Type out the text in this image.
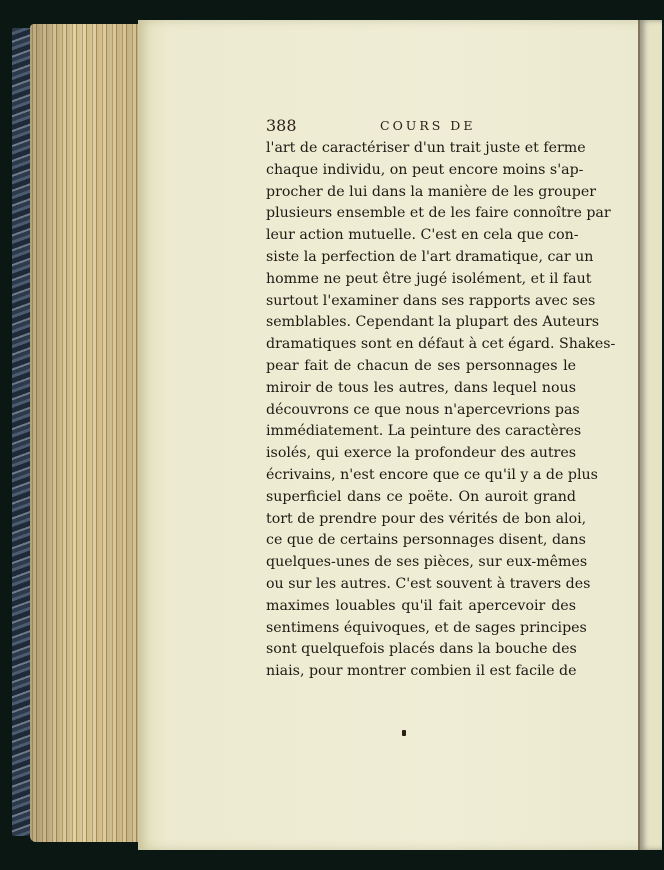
388	COURS DE
l'art de caractériser d'un trait juste et ferme
chaque individu, on peut encore moins s'ap-
procher de lui dans la manière de les grouper
plusieurs ensemble et de les faire connoître par
leur action mutuelle. C'est en cela que con-
siste la perfection de l'art dramatique, car un
homme ne peut être jugé isolément, et il faut
surtout l'examiner dans ses rapports avec ses
semblables. Cependant la plupart des Auteurs
dramatiques sont en défaut à cet égard. Shakes-
pear fait de chacun de ses personnages le
miroir de tous les autres, dans lequel nous
découvrons ce que nous n'apercevrions pas
immédiatement. La peinture des caractères
isolés, qui exerce la profondeur des autres
écrivains, n'est encore que ce qu'il y a de plus
superficiel dans ce poëte. On auroit grand
tort de prendre pour des vérités de bon aloi,
ce que de certains personnages disent, dans
quelques-unes de ses pièces, sur eux-mêmes
ou sur les autres. C'est souvent à travers des
maximes louables qu'il fait apercevoir des
sentimens équivoques, et de sages principes
sont quelquefois placés dans la bouche des
niais, pour montrer combien il est facile de
